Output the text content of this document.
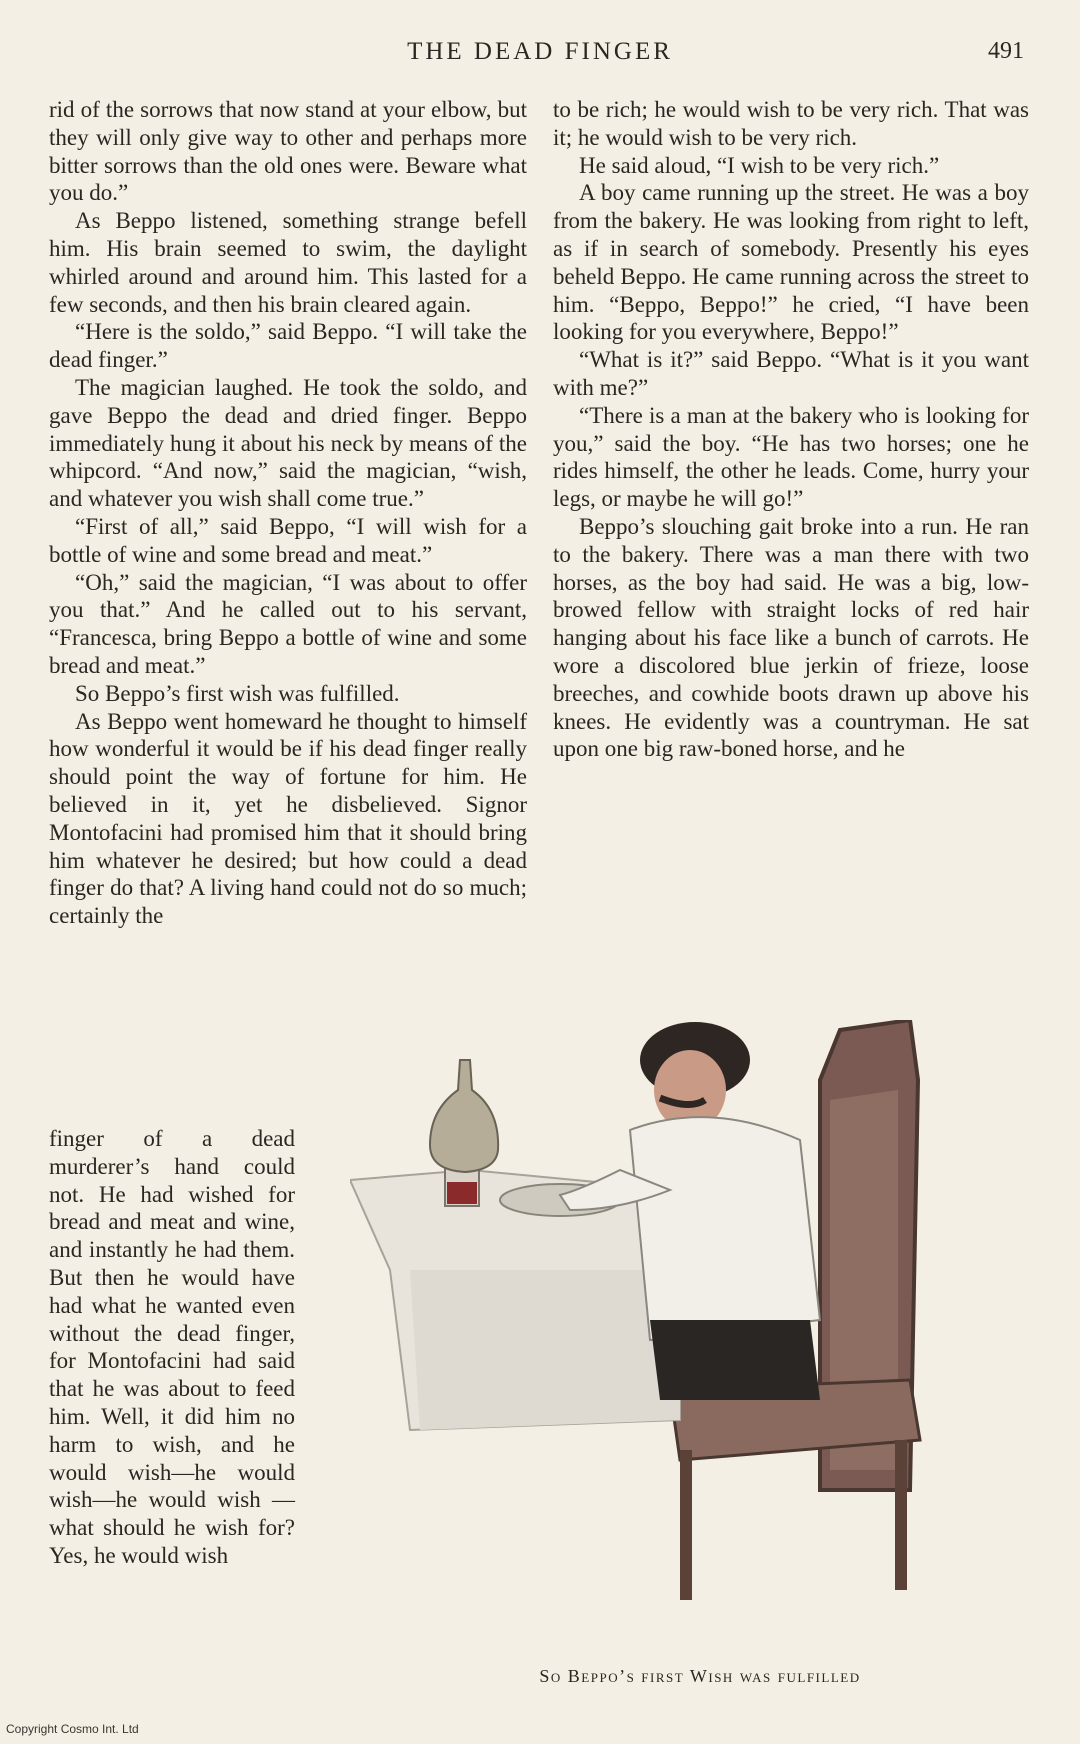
THE DEAD FINGER	491

rid of the sorrows that now stand at your elbow, but they will only give way to other and perhaps more bitter sorrows than the old ones were. Beware what you do.”

As Beppo listened, something strange befell him. His brain seemed to swim, the daylight whirled around and around him. This lasted for a few seconds, and then his brain cleared again.

“Here is the soldo,” said Beppo. “I will take the dead finger.”

The magician laughed. He took the soldo, and gave Beppo the dead and dried finger. Beppo immediately hung it about his neck by means of the whipcord. “And now,” said the magician, “wish, and whatever you wish shall come true.”

“First of all,” said Beppo, “I will wish for a bottle of wine and some bread and meat.”

“Oh,” said the magician, “I was about to offer you that.” And he called out to his servant, “Francesca, bring Beppo a bottle of wine and some bread and meat.”

So Beppo’s first wish was fulfilled.

As Beppo went homeward he thought to himself how wonderful it would be if his dead finger really should point the way of fortune for him. He believed in it, yet he disbelieved. Signor Montofacini had promised him that it should bring him whatever he desired; but how could a dead finger do that? A living hand could not do so much; certainly the

finger of a dead murderer’s hand could not. He had wished for bread and meat and wine, and instantly he had them. But then he would have had what he wanted even without the dead finger, for Montofacini had said that he was about to feed him. Well, it did him no harm to wish, and he would wish—he would wish—he would wish — what should he wish for? Yes, he would wish

to be rich; he would wish to be very rich. That was it; he would wish to be very rich.

He said aloud, “I wish to be very rich.”

A boy came running up the street. He was a boy from the bakery. He was looking from right to left, as if in search of somebody. Presently his eyes beheld Beppo. He came running across the street to him. “Beppo, Beppo!” he cried, “I have been looking for you everywhere, Beppo!”

“What is it?” said Beppo. “What is it you want with me?”

“There is a man at the bakery who is looking for you,” said the boy. “He has two horses; one he rides himself, the other he leads. Come, hurry your legs, or maybe he will go!”

Beppo’s slouching gait broke into a run. He ran to the bakery. There was a man there with two horses, as the boy had said. He was a big, low-browed fellow with straight locks of red hair hanging about his face like a bunch of carrots. He wore a discolored blue jerkin of frieze, loose breeches, and cowhide boots drawn up above his knees. He evidently was a countryman. He sat upon one big raw-boned horse, and he

So Beppo’s first Wish was fulfilled
Copyright Cosmo Int. Ltd
